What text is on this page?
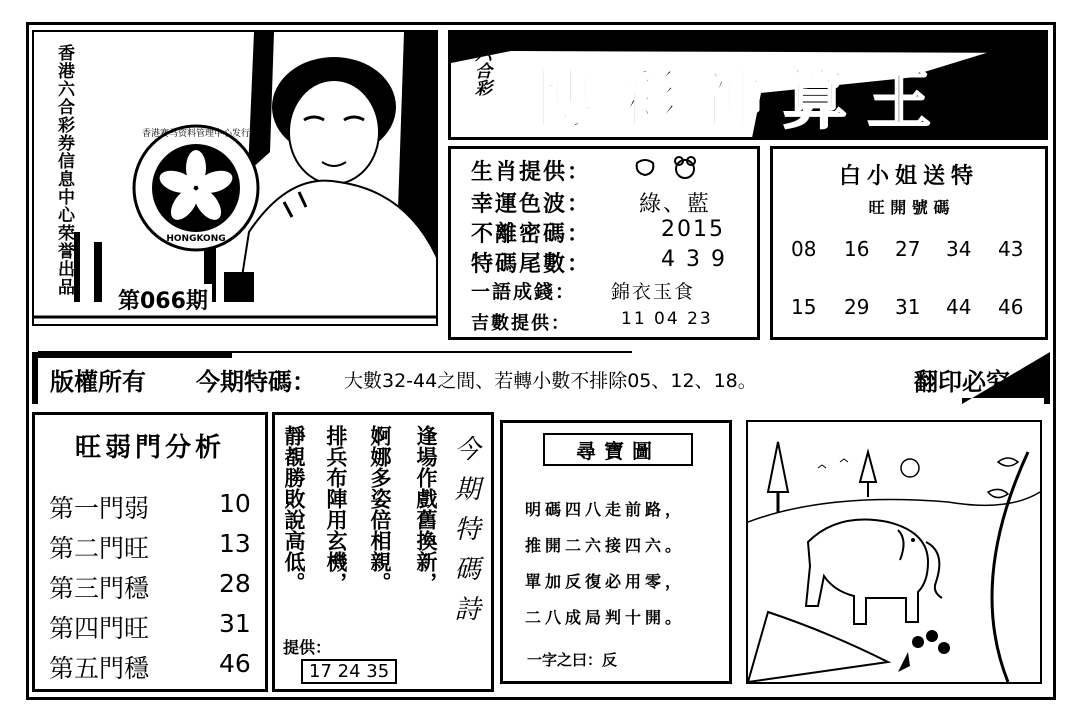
香港六合彩券信息中心荣誉出品	香港赛马资料管理中心发行
HONGKONG
第066期
六合彩 博彩神算王
生肖提供：
幸運色波： 綠、藍
不離密碼：	2015
特碼尾數：	4 3 9
一語成錢： 錦衣玉食
吉數提供：	11 04 23
白小姐送特
旺 開 號 碼
08 16 27 34 43
15 29 31 44 46
版權所有 今期特碼： 大數32-44之間、若轉小數不排除05、12、18。	翻印必究
旺弱門分析
第一門弱	10
第二門旺	13
第三門穩	28
第四門旺	31
第五門穩	46
逢場作戲舊換新，
婀娜多姿倍相親。
排兵布陣用玄機，
靜覩勝敗說高低。	今期特碼詩
提供：
17 24 35
尋寶圖
明碼四八走前路，
推開二六接四六。
單加反復必用零，
二八成局判十開。
一字之曰：反
